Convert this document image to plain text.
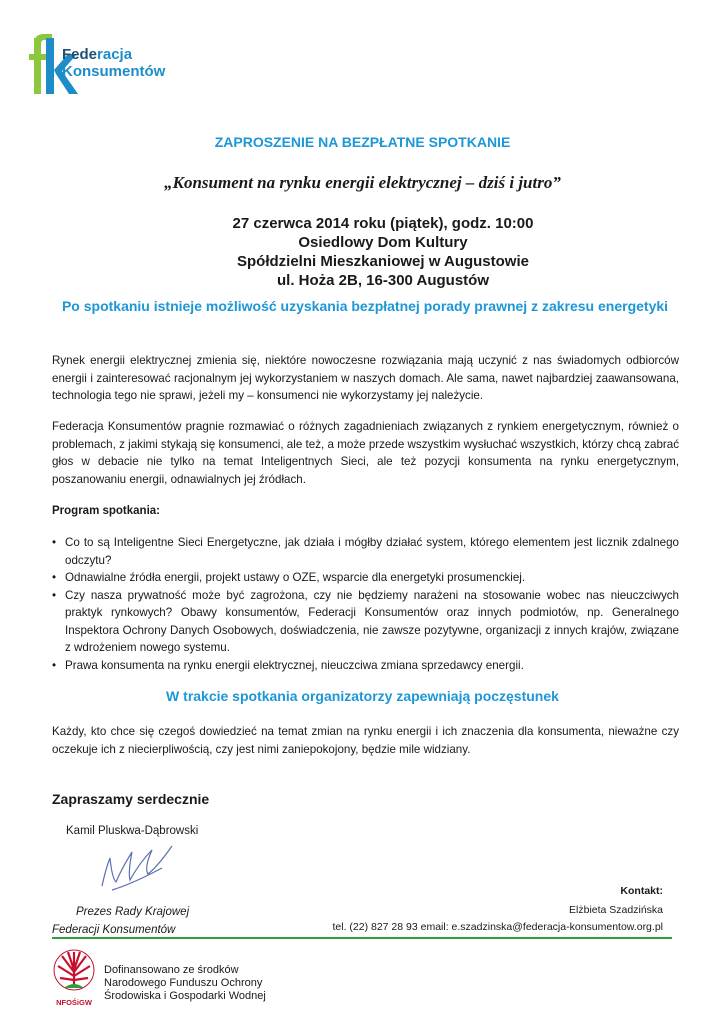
Federacja
Konsumentów
ZAPROSZENIE NA BEZPŁATNE SPOTKANIE
„Konsument na rynku energii elektrycznej – dziś i jutro”
27 czerwca 2014 roku (piątek), godz. 10:00
Osiedlowy Dom Kultury
Spółdzielni Mieszkaniowej w Augustowie
ul. Hoża 2B, 16-300 Augustów
Po spotkaniu istnieje możliwość uzyskania bezpłatnej porady prawnej z zakresu energetyki

Rynek energii elektrycznej zmienia się, niektóre nowoczesne rozwiązania mają uczynić z nas świadomych odbiorców energii i zainteresować racjonalnym jej wykorzystaniem w naszych domach. Ale sama, nawet najbardziej zaawansowana, technologia tego nie sprawi, jeżeli my – konsumenci nie wykorzystamy jej należycie.

Federacja Konsumentów pragnie rozmawiać o różnych zagadnieniach związanych z rynkiem energetycznym, również o problemach, z jakimi stykają się konsumenci, ale też, a może przede wszystkim wysłuchać wszystkich, którzy chcą zabrać głos w debacie nie tylko na temat Inteligentnych Sieci, ale też pozycji konsumenta na rynku energetycznym, poszanowaniu energii, odnawialnych jej źródłach.

Program spotkania:
• Co to są Inteligentne Sieci Energetyczne, jak działa i mógłby działać system, którego elementem jest licznik zdalnego odczytu?
• Odnawialne źródła energii, projekt ustawy o OZE, wsparcie dla energetyki prosumenckiej.
• Czy nasza prywatność może być zagrożona, czy nie będziemy narażeni na stosowanie wobec nas nieuczciwych praktyk rynkowych? Obawy konsumentów, Federacji Konsumentów oraz innych podmiotów, np. Generalnego Inspektora Ochrony Danych Osobowych, doświadczenia, nie zawsze pozytywne, organizacji z innych krajów, związane z wdrożeniem nowego systemu.
• Prawa konsumenta na rynku energii elektrycznej, nieuczciwa zmiana sprzedawcy energii.
W trakcie spotkania organizatorzy zapewniają poczęstunek

Każdy, kto chce się czegoś dowiedzieć na temat zmian na rynku energii i ich znaczenia dla konsumenta, nieważne czy oczekuje ich z niecierpliwością, czy jest nimi zaniepokojony, będzie mile widziany.

Zapraszamy serdecznie
Kamil Pluskwa-Dąbrowski
Prezes Rady Krajowej
Federacji Konsumentów
Kontakt:
Elżbieta Szadzińska
tel. (22) 827 28 93 email: e.szadzinska@federacja-konsumentow.org.pl
NFOŚiGW
Dofinansowano ze środków
Narodowego Funduszu Ochrony
Środowiska i Gospodarki Wodnej
